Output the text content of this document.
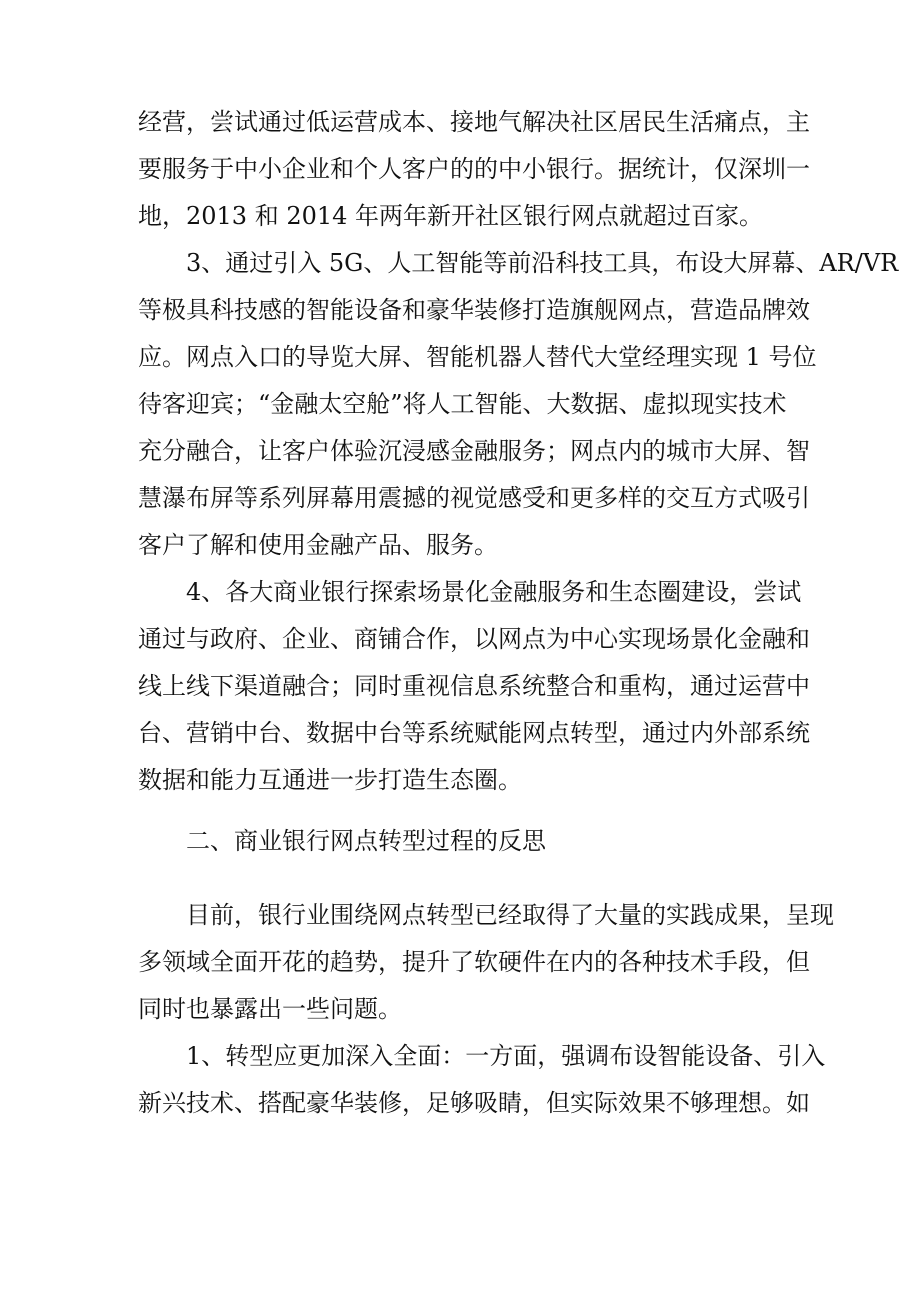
经营，尝试通过低运营成本、接地气解决社区居民生活痛点，主

要服务于中小企业和个人客户的的中小银行。据统计，仅深圳一

地，2013 和 2014 年两年新开社区银行网点就超过百家。

3、通过引入 5G、人工智能等前沿科技工具，布设大屏幕、AR/VR

等极具科技感的智能设备和豪华装修打造旗舰网点，营造品牌效

应。网点入口的导览大屏、智能机器人替代大堂经理实现 1 号位

待客迎宾；“金融太空舱”将人工智能、大数据、虚拟现实技术

充分融合，让客户体验沉浸感金融服务；网点内的城市大屏、智

慧瀑布屏等系列屏幕用震撼的视觉感受和更多样的交互方式吸引

客户了解和使用金融产品、服务。

4、各大商业银行探索场景化金融服务和生态圈建设，尝试

通过与政府、企业、商铺合作，以网点为中心实现场景化金融和

线上线下渠道融合；同时重视信息系统整合和重构，通过运营中

台、营销中台、数据中台等系统赋能网点转型，通过内外部系统

数据和能力互通进一步打造生态圈。

二、商业银行网点转型过程的反思

目前，银行业围绕网点转型已经取得了大量的实践成果，呈现

多领域全面开花的趋势，提升了软硬件在内的各种技术手段，但

同时也暴露出一些问题。

1、转型应更加深入全面：一方面，强调布设智能设备、引入

新兴技术、搭配豪华装修，足够吸睛，但实际效果不够理想。如
